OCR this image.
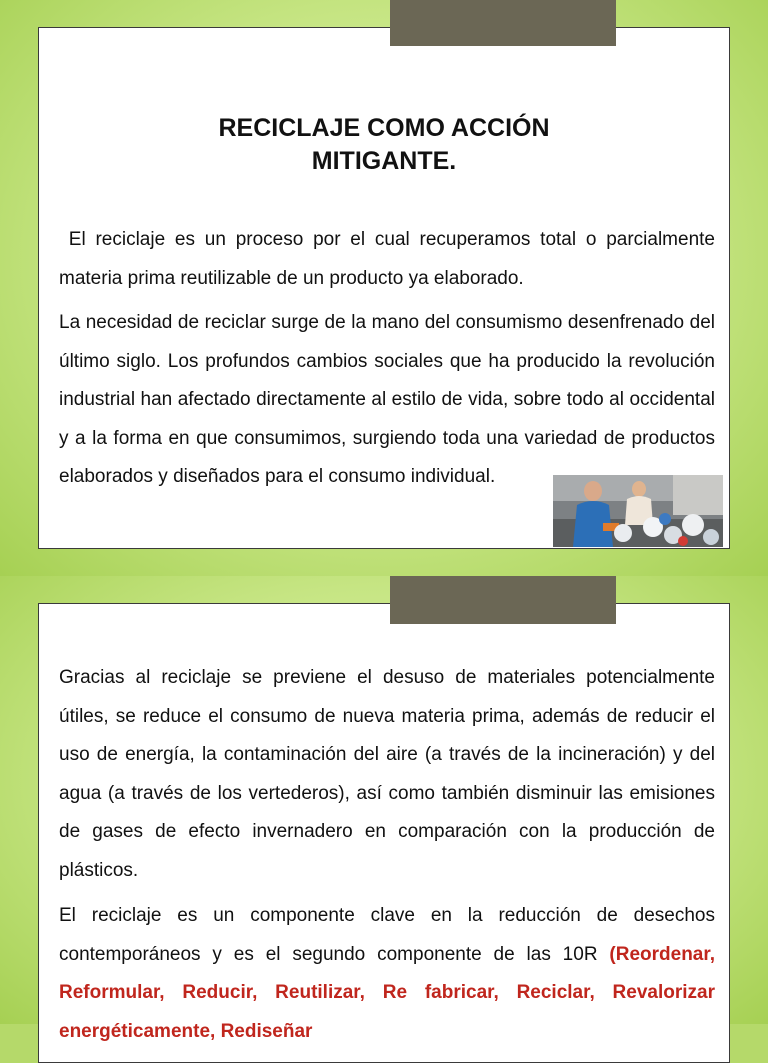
RECICLAJE COMO ACCIÓN
MITIGANTE.

El reciclaje es un proceso por el cual recuperamos total o parcialmente materia prima reutilizable de un producto ya elaborado.

La necesidad de reciclar surge de la mano del consumismo desenfrenado del último siglo. Los profundos cambios sociales que ha producido la revolución industrial han afectado directamente al estilo de vida, sobre todo al occidental y a la forma en que consumimos, surgiendo toda una variedad de productos elaborados y diseñados para el consumo individual.

Gracias al reciclaje se previene el desuso de materiales potencialmente útiles, se reduce el consumo de nueva materia prima, además de reducir el uso de energía, la contaminación del aire (a través de la incineración) y del agua (a través de los vertederos), así como también disminuir las emisiones de gases de efecto invernadero en comparación con la producción de plásticos.

El reciclaje es un componente clave en la reducción de desechos contemporáneos y es el segundo componente de las 10R (Reordenar, Reformular, Reducir, Reutilizar, Re fabricar, Reciclar, Revalorizar energéticamente, Rediseñar
